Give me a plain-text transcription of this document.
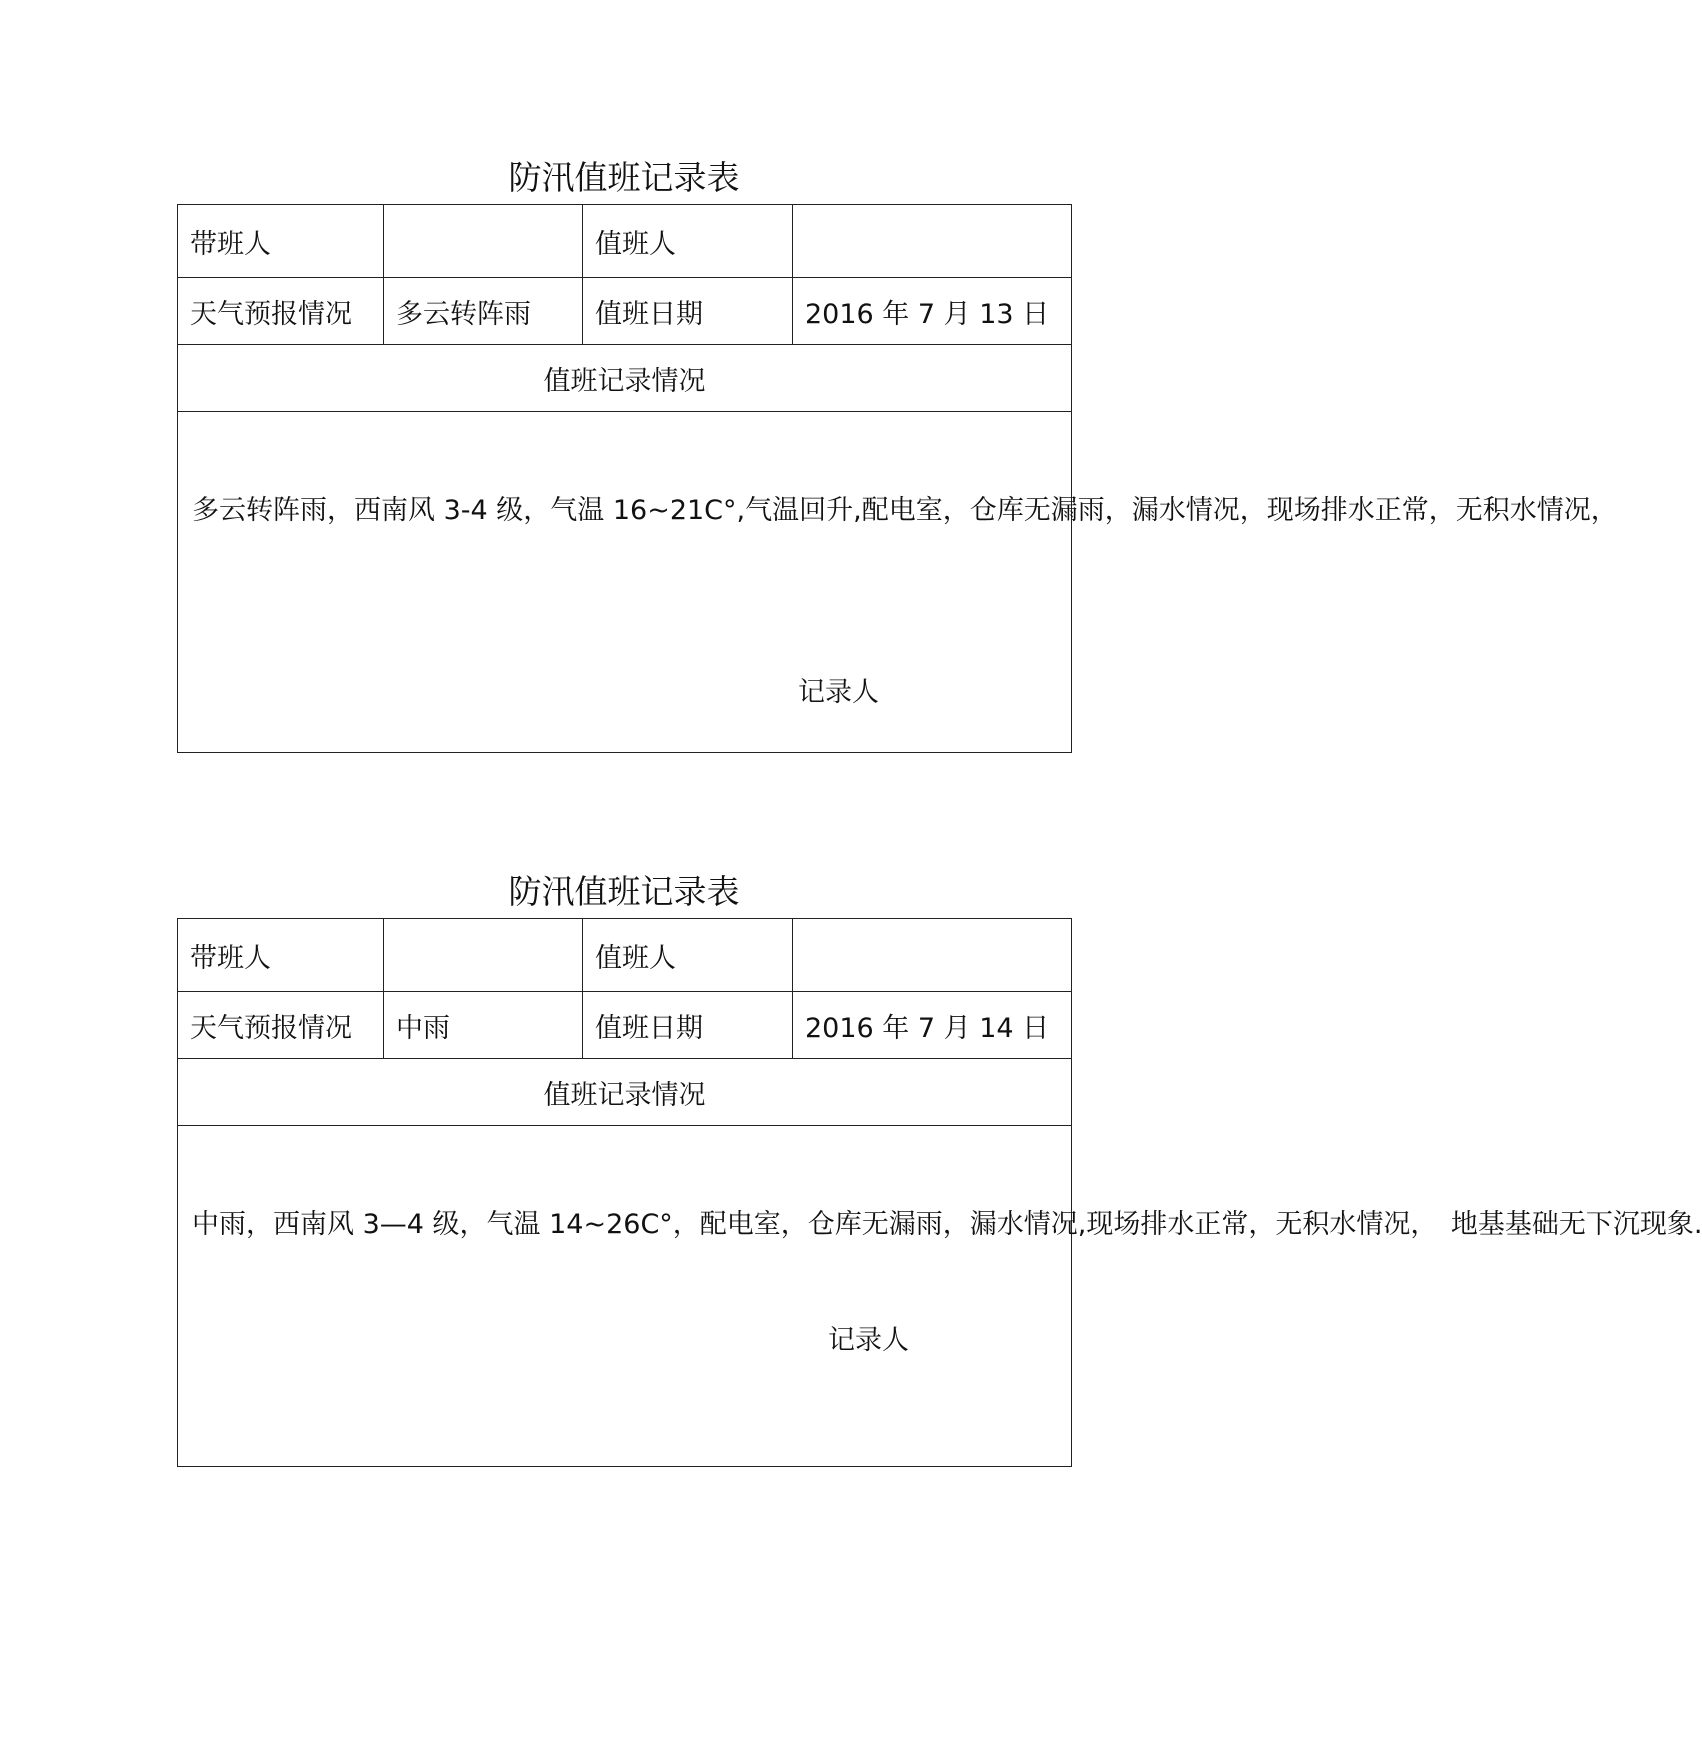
防汛值班记录表
带班人		值班人	
天气预报情况	多云转阵雨	值班日期	2016 年 7 月 13 日
值班记录情况			

多云转阵雨，西南风 3-4 级，气温 16~21C°,气温回升,配电室，仓库无漏雨，漏水情况，现场排水正常，无积水情况，
记录人			
防汛值班记录表
带班人		值班人	
天气预报情况	中雨	值班日期	2016 年 7 月 14 日
值班记录情况			

中雨，西南风 3—4 级，气温 14~26C°，配电室，仓库无漏雨，漏水情况,现场排水正常，无积水情况，　地基基础无下沉现象.
记录人			
